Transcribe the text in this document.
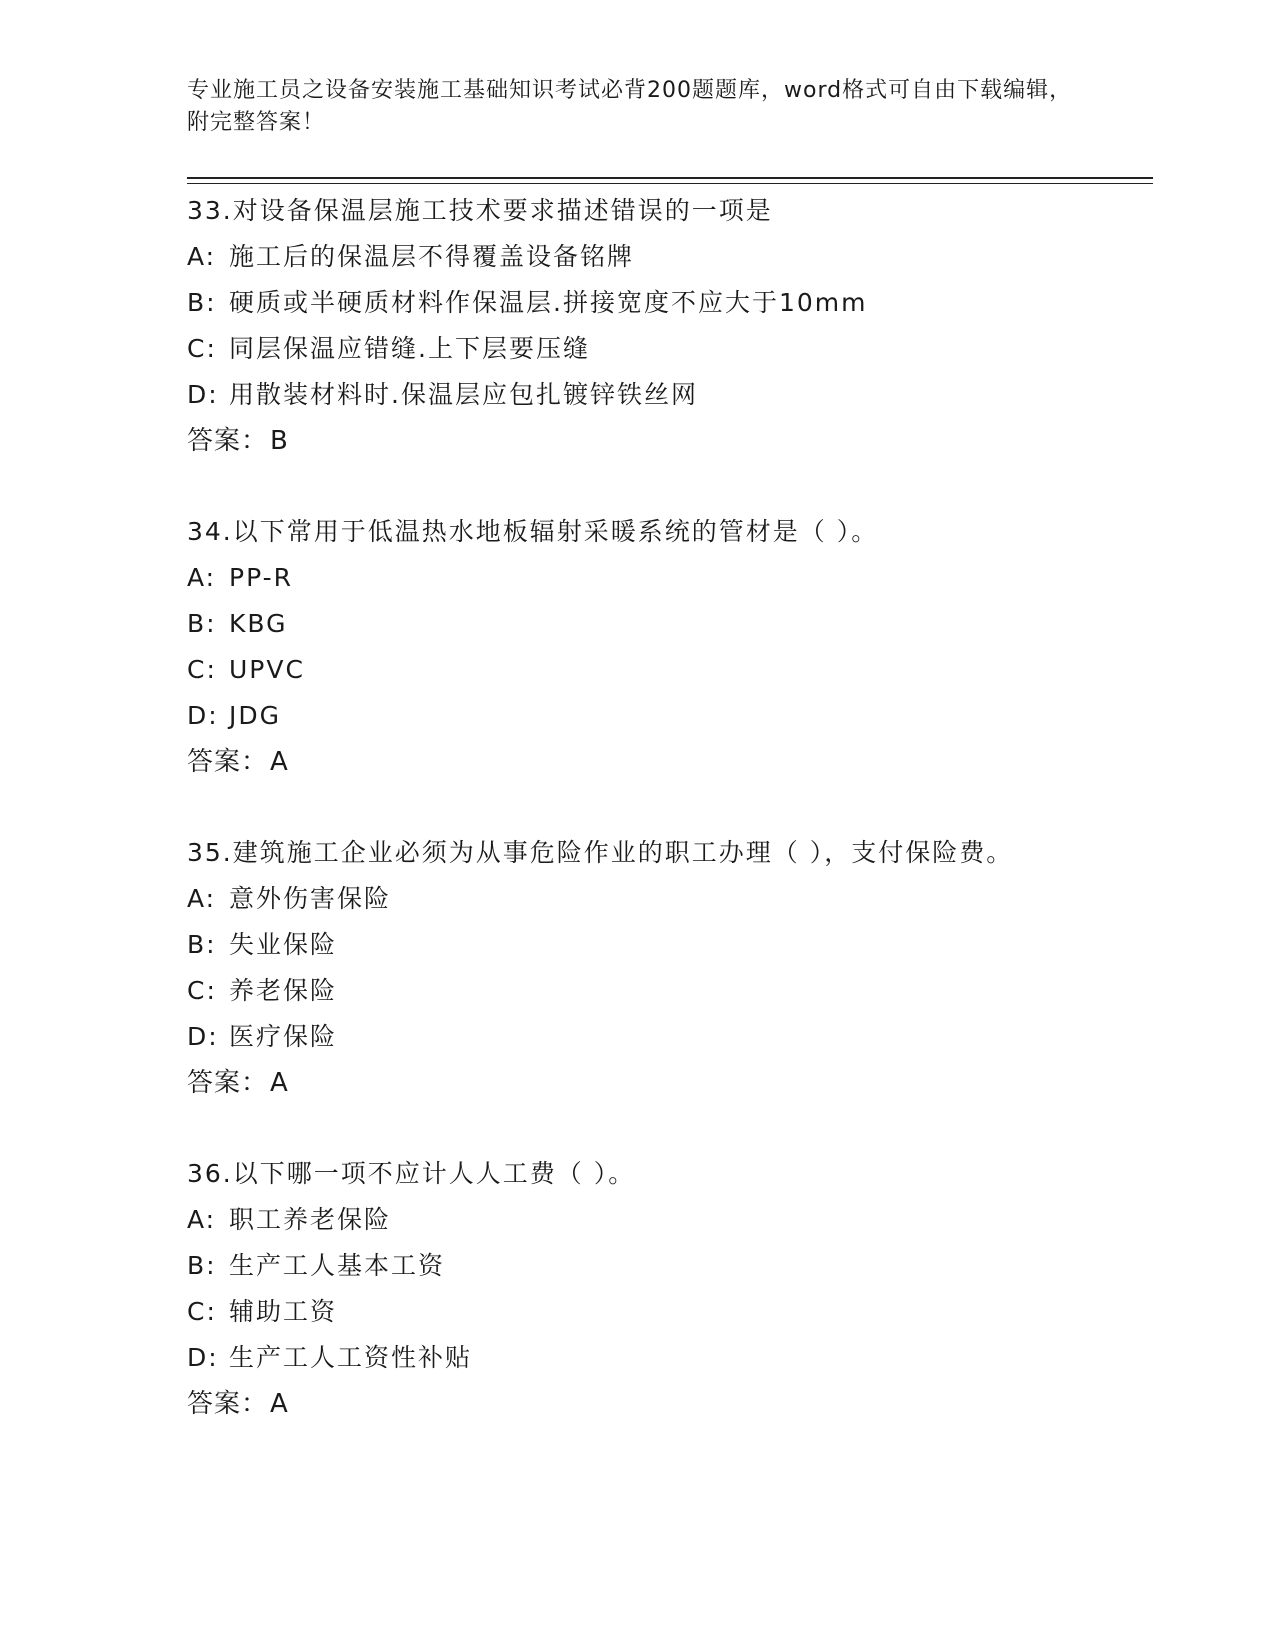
专业施工员之设备安装施工基础知识考试必背200题题库，word格式可自由下载编辑，附完整答案！
33.对设备保温层施工技术要求描述错误的一项是
A: 施工后的保温层不得覆盖设备铭牌
B: 硬质或半硬质材料作保温层.拼接宽度不应大于10mm
C: 同层保温应错缝.上下层要压缝
D: 用散装材料时.保温层应包扎镀锌铁丝网
答案：B
34.以下常用于低温热水地板辐射采暖系统的管材是（ ）。
A: PP-R
B: KBG
C: UPVC
D: JDG
答案：A
35.建筑施工企业必须为从事危险作业的职工办理（ ），支付保险费。
A: 意外伤害保险
B: 失业保险
C: 养老保险
D: 医疗保险
答案：A
36.以下哪一项不应计人人工费（ ）。
A: 职工养老保险
B: 生产工人基本工资
C: 辅助工资
D: 生产工人工资性补贴
答案：A
